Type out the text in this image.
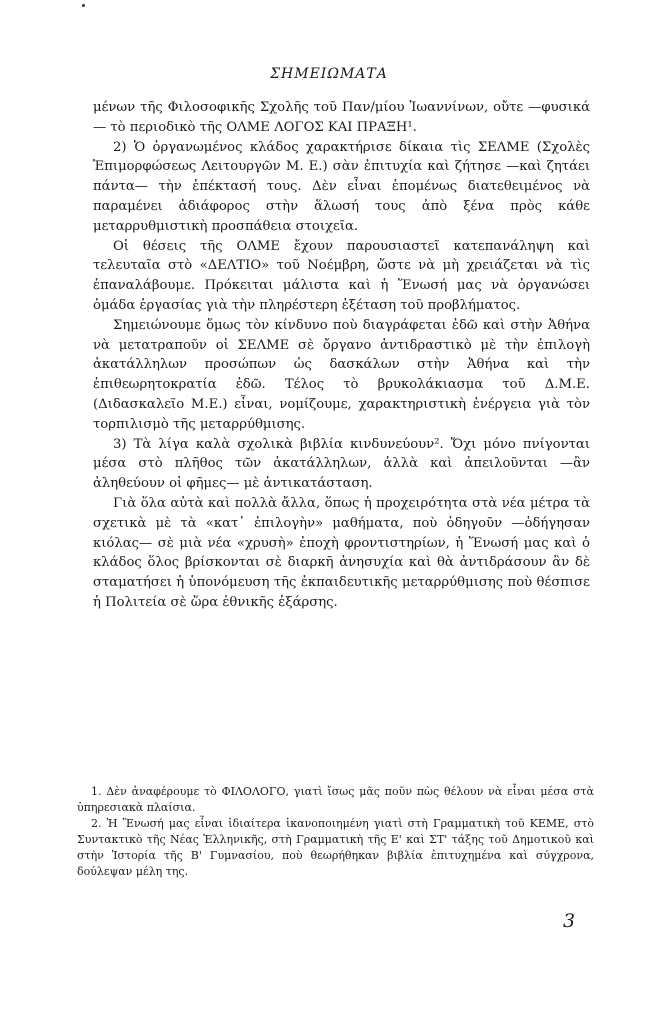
ΣΗΜΕΙΩΜΑΤΑ

μένων τῆς Φιλοσοφικῆς Σχολῆς τοῦ Παν/μίου Ἰωαννίνων, οὔτε —φυσικά— τὸ περιοδικὸ τῆς ΟΛΜΕ ΛΟΓΟΣ ΚΑΙ ΠΡΑΞΗ¹.

2) Ὁ ὀργανωμένος κλάδος χαρακτήρισε δίκαια τὶς ΣΕΛΜΕ (Σχολὲς Ἐπιμορφώσεως Λειτουργῶν Μ. Ε.) σὰν ἐπιτυχία καὶ ζήτησε —καὶ ζητάει πάντα— τὴν ἐπέκτασή τους. Δὲν εἶναι ἑπομένως διατεθειμένος νὰ παραμένει ἀδιάφορος στὴν ἅλωσή τους ἀπὸ ξένα πρὸς κάθε μεταρρυθμιστικὴ προσπάθεια στοιχεῖα.

Οἱ θέσεις τῆς ΟΛΜΕ ἔχουν παρουσιαστεῖ κατεπανάληψη καὶ τελευταῖα στὸ «ΔΕΛΤΙΟ» τοῦ Νοέμβρη, ὥστε νὰ μὴ χρειάζεται νὰ τὶς ἐπαναλάβουμε. Πρόκειται μάλιστα καὶ ἡ Ἕνωσή μας νὰ ὀργανώσει ὁμάδα ἐργασίας γιὰ τὴν πληρέστερη ἐξέταση τοῦ προβλήματος.

Σημειώνουμε ὅμως τὸν κίνδυνο ποὺ διαγράφεται ἐδῶ καὶ στὴν Ἀθήνα νὰ μετατραποῦν οἱ ΣΕΛΜΕ σὲ ὄργανο ἀντιδραστικὸ μὲ τὴν ἐπιλογὴ ἀκατάλληλων προσώπων ὡς δασκάλων στὴν Ἀθήνα καὶ τὴν ἐπιθεωρητοκρατία ἐδῶ. Τέλος τὸ βρυκολάκιασμα τοῦ Δ.Μ.Ε. (Διδασκαλεῖο Μ.Ε.) εἶναι, νομίζουμε, χαρακτηριστικὴ ἐνέργεια γιὰ τὸν τορπιλισμὸ τῆς μεταρρύθμισης.

3) Τὰ λίγα καλὰ σχολικὰ βιβλία κινδυνεύουν². Ὄχι μόνο πνίγονται μέσα στὸ πλῆθος τῶν ἀκατάλληλων, ἀλλὰ καὶ ἀπειλοῦνται —ἂν ἀληθεύουν οἱ φῆμες— μὲ ἀντικατάσταση.

Γιὰ ὅλα αὐτὰ καὶ πολλὰ ἄλλα, ὅπως ἡ προχειρότητα στὰ νέα μέτρα τὰ σχετικὰ μὲ τὰ «κατ᾽ ἐπιλογὴν» μαθήματα, ποὺ ὁδηγοῦν —ὁδήγησαν κιόλας— σὲ μιὰ νέα «χρυσὴ» ἐποχὴ φροντιστηρίων, ἡ Ἕνωσή μας καὶ ὁ κλάδος ὅλος βρίσκονται σὲ διαρκῆ ἀνησυχία καὶ θὰ ἀντιδράσουν ἂν δὲ σταματήσει ἡ ὑπονόμευση τῆς ἐκπαιδευτικῆς μεταρρύθμισης ποὺ θέσπισε ἡ Πολιτεία σὲ ὥρα ἐθνικῆς ἐξάρσης.

1. Δὲν ἀναφέρουμε τὸ ΦΙΛΟΛΟΓΟ, γιατὶ ἴσως μᾶς ποῦν πὼς θέλουν νὰ εἶναι μέσα στὰ ὑπηρεσιακὰ πλαίσια.

2. Ἡ Ἕνωσή μας εἶναι ἰδιαίτερα ἱκανοποιημένη γιατὶ στὴ Γραμματικὴ τοῦ ΚΕΜΕ, στὸ Συντακτικὸ τῆς Νέας Ἑλληνικῆς, στὴ Γραμματικὴ τῆς Ε' καὶ ΣΤ' τάξης τοῦ Δημοτικοῦ καὶ στὴν Ἱστορία τῆς Β' Γυμνασίου, ποὺ θεωρήθηκαν βιβλία ἐπιτυχημένα καὶ σύγχρονα, δούλεψαν μέλη της.

3
